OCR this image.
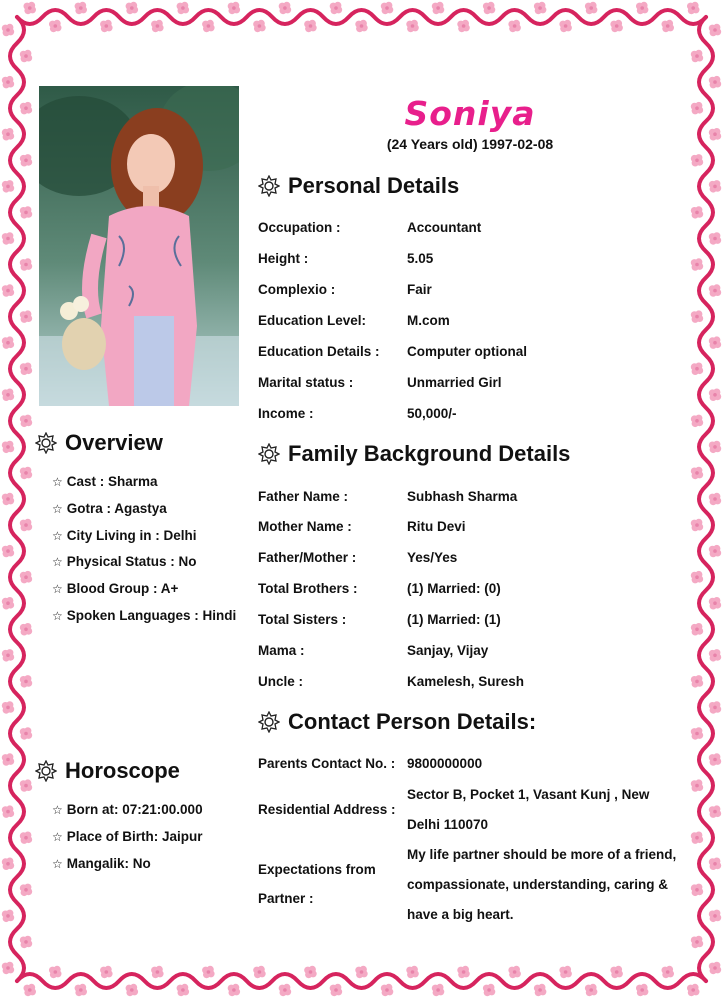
Soniya
(24 Years old) 1997-02-08
Personal Details
Family Background Details
Contact Person Details:
Overview
Horoscope
Occupation :	Accountant
Height :	5.05
Complexio :	Fair
Education Level:	M.com
Education Details : Computer optional
Marital status :	Unmarried Girl
Income :	50,000/-
Father Name :	Subhash Sharma
Mother Name :	Ritu Devi
Father/Mother :	Yes/Yes
Total Brothers :	(1) Married: (0)
Total Sisters :	(1) Married: (1)
Mama :	Sanjay, Vijay
Uncle :	Kamelesh, Suresh
Parents Contact No. : 9800000000
Residential Address :
Sector B, Pocket 1, Vasant Kunj , New Delhi 110070
Expectations from
Partner :
My life partner should be more of a friend, compassionate, understanding, caring & have a big heart.
☆ Cast : Sharma
☆ Gotra : Agastya
☆ City Living in : Delhi
☆ Physical Status : No
☆ Blood Group : A+
☆ Spoken Languages : Hindi
☆ Born at: 07:21:00.000
☆ Place of Birth: Jaipur
☆ Mangalik: No
